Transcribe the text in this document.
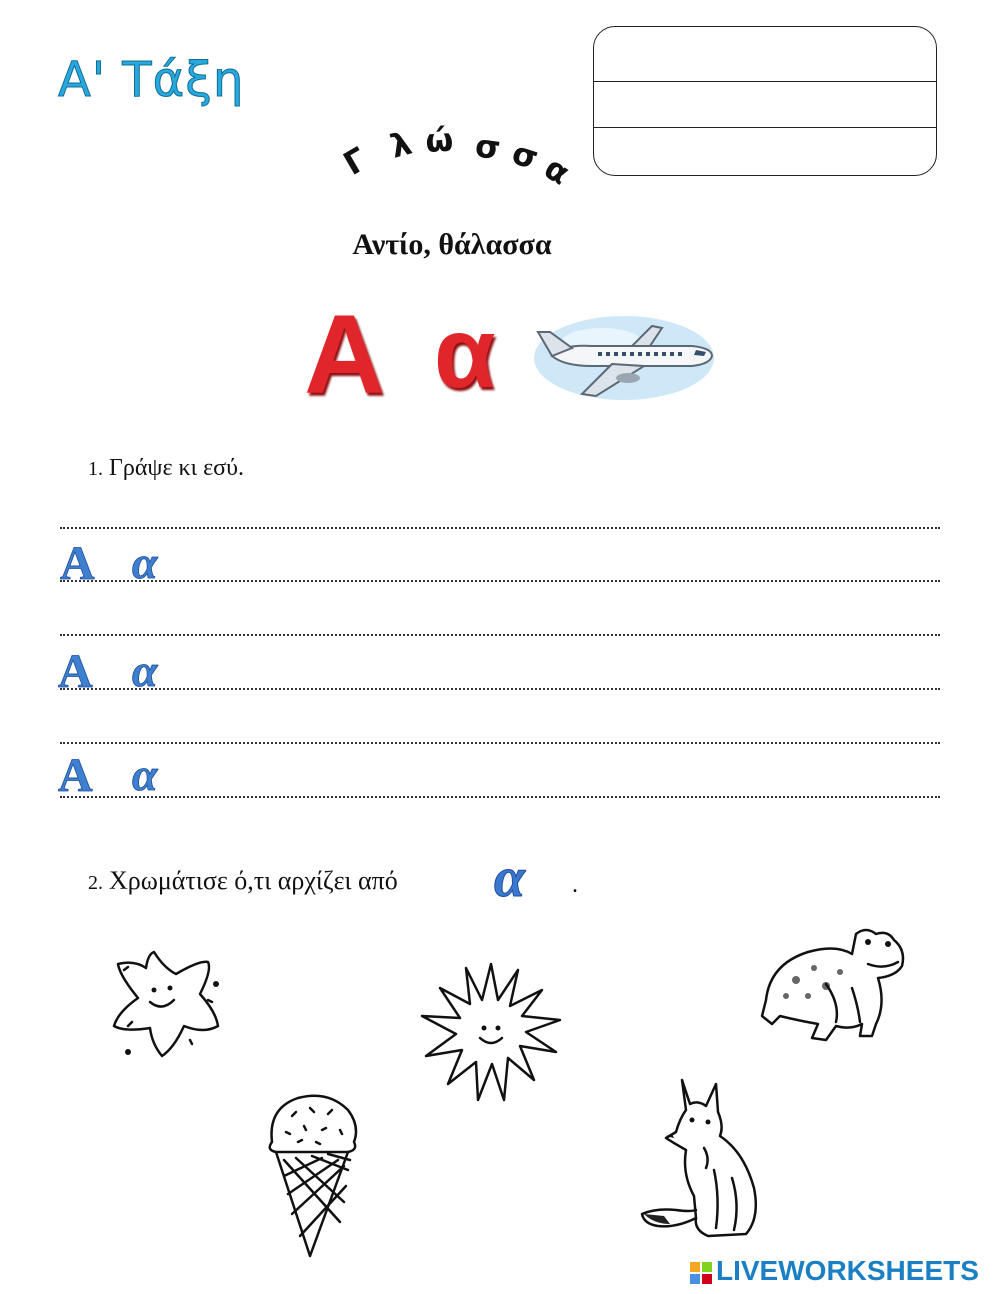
Α' Τάξη
Γ λ ώ σ σ
α
Αντίο, θάλασσα
Α α
1. Γράψε κι εσύ.
Α α
Α α
Α α
2. Χρωμάτισε ό,τι αρχίζει από α .
LIVEWORKSHEETS
